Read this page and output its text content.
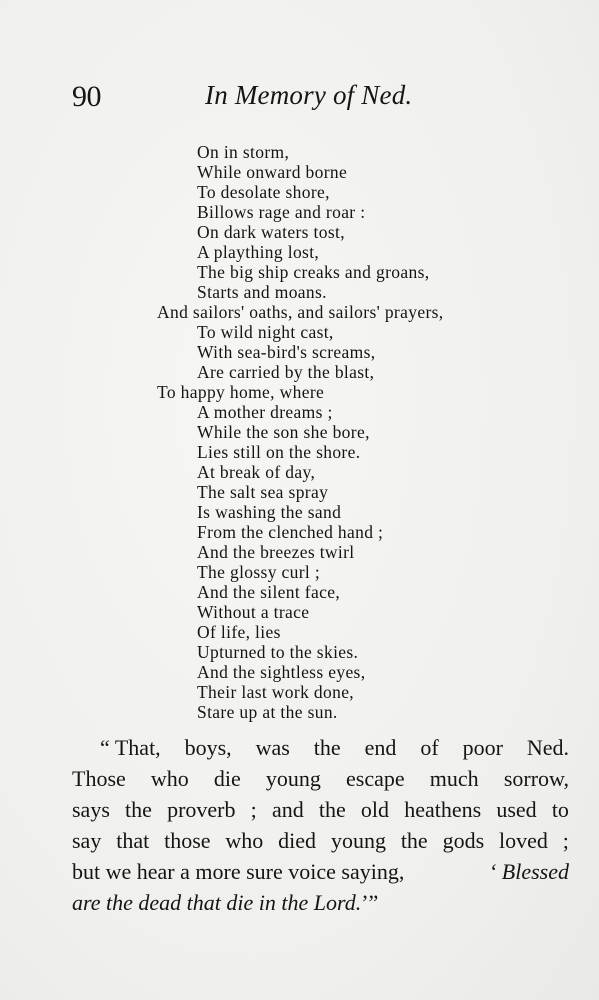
90	In Memory of Ned.
On in storm,
While onward borne
To desolate shore,
Billows rage and roar :
On dark waters tost,
A plaything lost,
The big ship creaks and groans,
Starts and moans.
And sailors' oaths, and sailors' prayers,
To wild night cast,
With sea-bird's screams,
Are carried by the blast,
To happy home, where
A mother dreams ;
While the son she bore,
Lies still on the shore.
At break of day,
The salt sea spray
Is washing the sand
From the clenched hand ;
And the breezes twirl
The glossy curl ;
And the silent face,
Without a trace
Of life, lies
Upturned to the skies.
And the sightless eyes,
Their last work done,
Stare up at the sun.
“ That, boys, was the end of poor Ned.
Those who die young escape much sorrow,
says the proverb ; and the old heathens used to
say that those who died young the gods loved ;
but we hear a more sure voice saying,	‘ Blessed
are the dead that die in the Lord. ’”
